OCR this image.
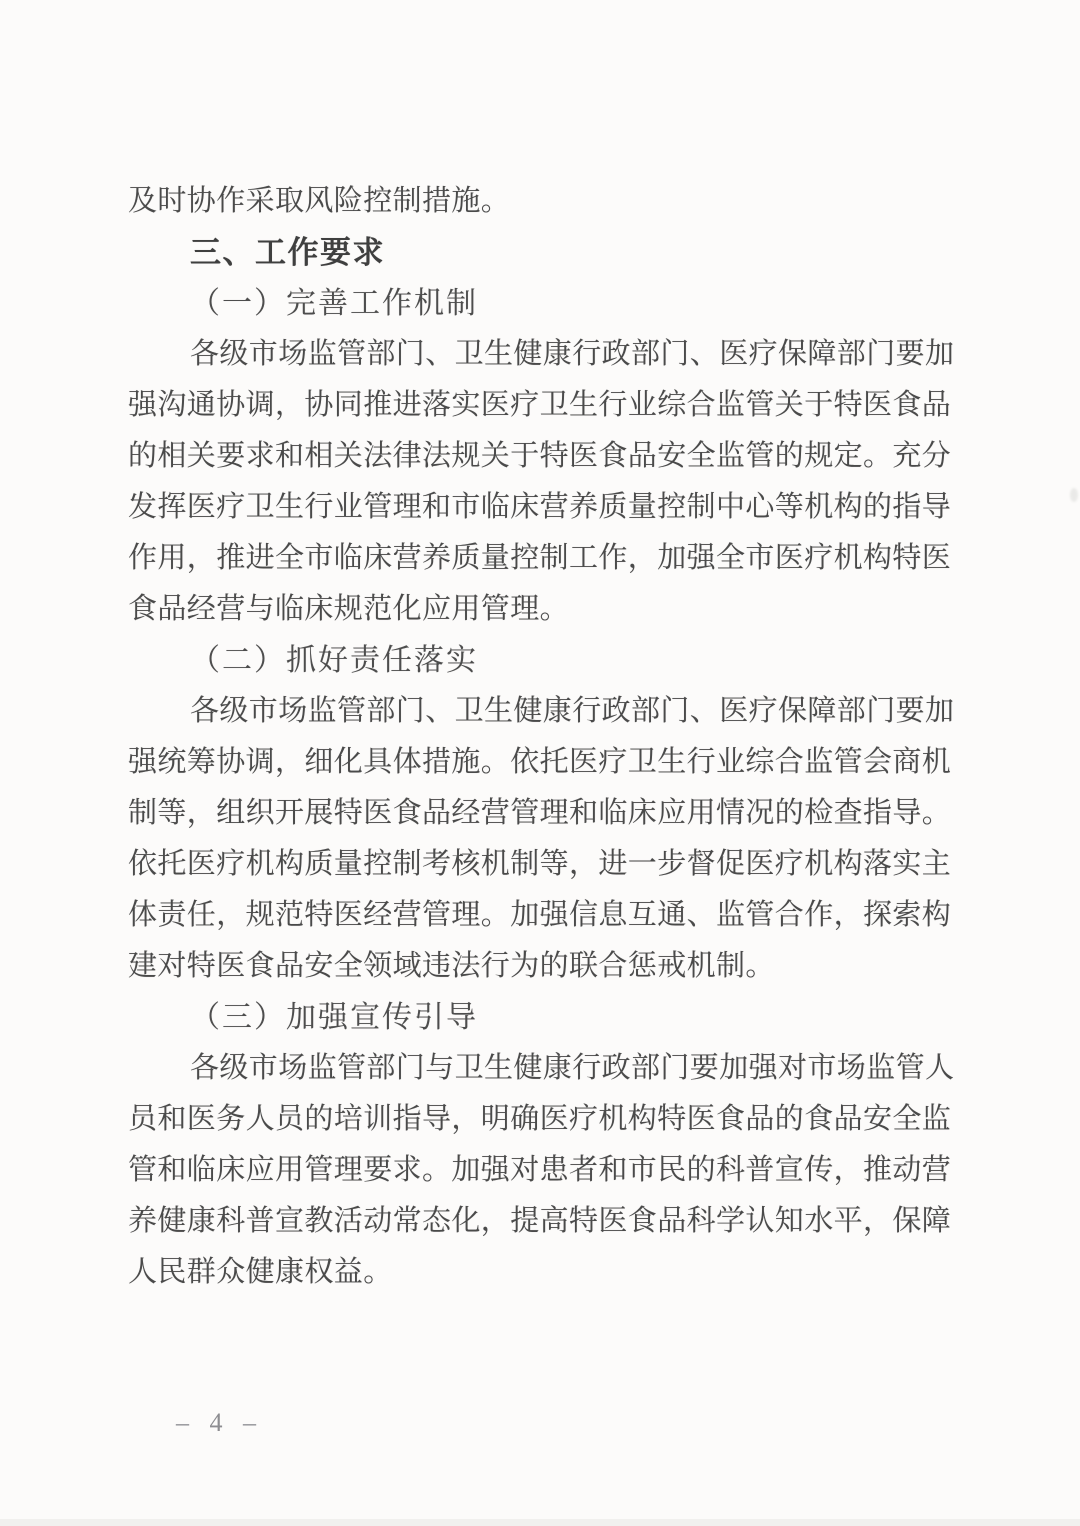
及时协作采取风险控制措施。
三、工作要求
（一）完善工作机制
各级市场监管部门、卫生健康行政部门、医疗保障部门要加
强沟通协调，协同推进落实医疗卫生行业综合监管关于特医食品
的相关要求和相关法律法规关于特医食品安全监管的规定。充分
发挥医疗卫生行业管理和市临床营养质量控制中心等机构的指导
作用，推进全市临床营养质量控制工作，加强全市医疗机构特医
食品经营与临床规范化应用管理。
（二）抓好责任落实
各级市场监管部门、卫生健康行政部门、医疗保障部门要加
强统筹协调，细化具体措施。依托医疗卫生行业综合监管会商机
制等，组织开展特医食品经营管理和临床应用情况的检查指导。
依托医疗机构质量控制考核机制等，进一步督促医疗机构落实主
体责任，规范特医经营管理。加强信息互通、监管合作，探索构
建对特医食品安全领域违法行为的联合惩戒机制。
（三）加强宣传引导
各级市场监管部门与卫生健康行政部门要加强对市场监管人
员和医务人员的培训指导，明确医疗机构特医食品的食品安全监
管和临床应用管理要求。加强对患者和市民的科普宣传，推动营
养健康科普宣教活动常态化，提高特医食品科学认知水平，保障
人民群众健康权益。
– 4 –
